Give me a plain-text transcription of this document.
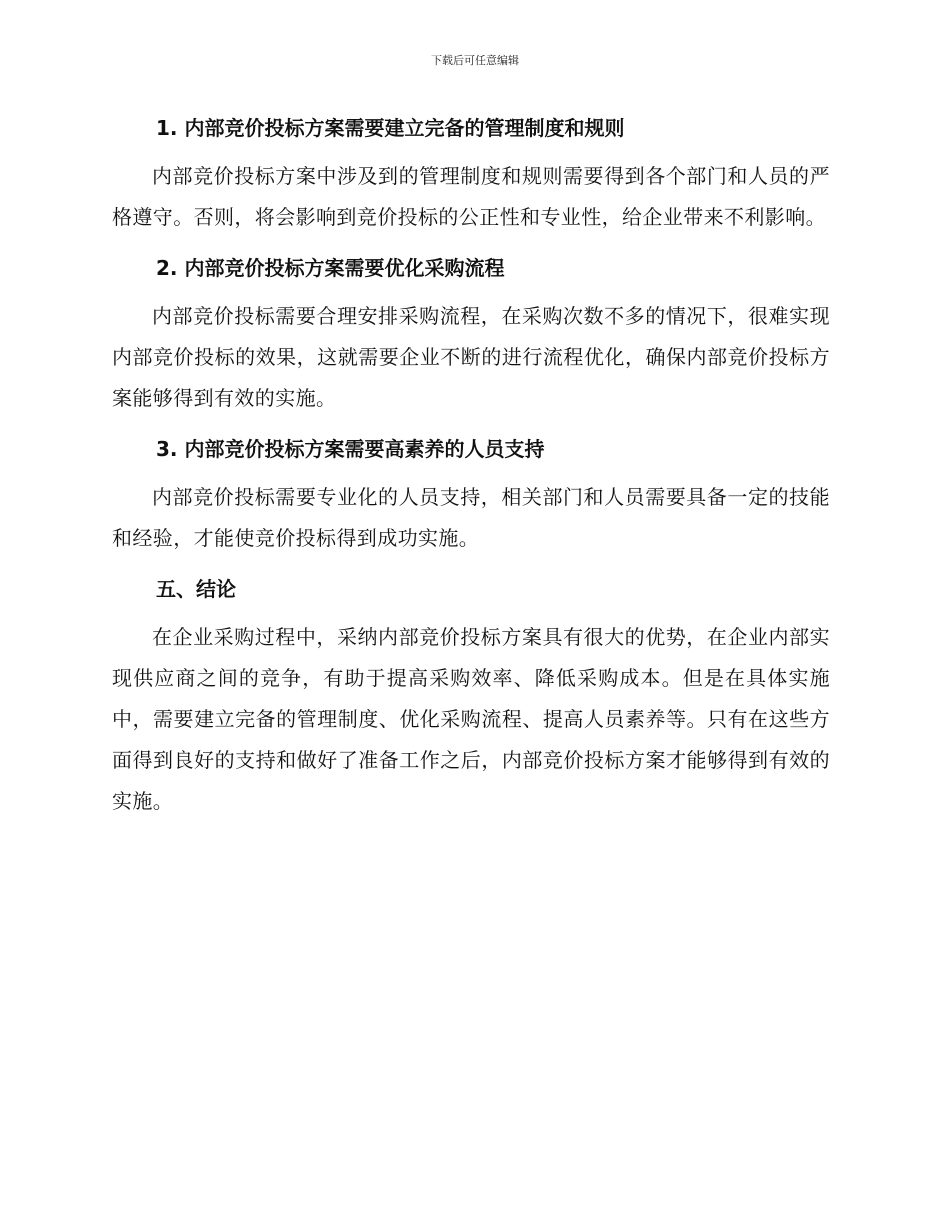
下载后可任意编辑
1. 内部竞价投标方案需要建立完备的管理制度和规则

内部竞价投标方案中涉及到的管理制度和规则需要得到各个部门和人员的严格遵守。否则，将会影响到竞价投标的公正性和专业性，给企业带来不利影响。

2. 内部竞价投标方案需要优化采购流程

内部竞价投标需要合理安排采购流程，在采购次数不多的情况下，很难实现内部竞价投标的效果，这就需要企业不断的进行流程优化，确保内部竞价投标方案能够得到有效的实施。

3. 内部竞价投标方案需要高素养的人员支持

内部竞价投标需要专业化的人员支持，相关部门和人员需要具备一定的技能和经验，才能使竞价投标得到成功实施。

五、结论

在企业采购过程中，采纳内部竞价投标方案具有很大的优势，在企业内部实现供应商之间的竞争，有助于提高采购效率、降低采购成本。但是在具体实施中，需要建立完备的管理制度、优化采购流程、提高人员素养等。只有在这些方面得到良好的支持和做好了准备工作之后，内部竞价投标方案才能够得到有效的实施。
